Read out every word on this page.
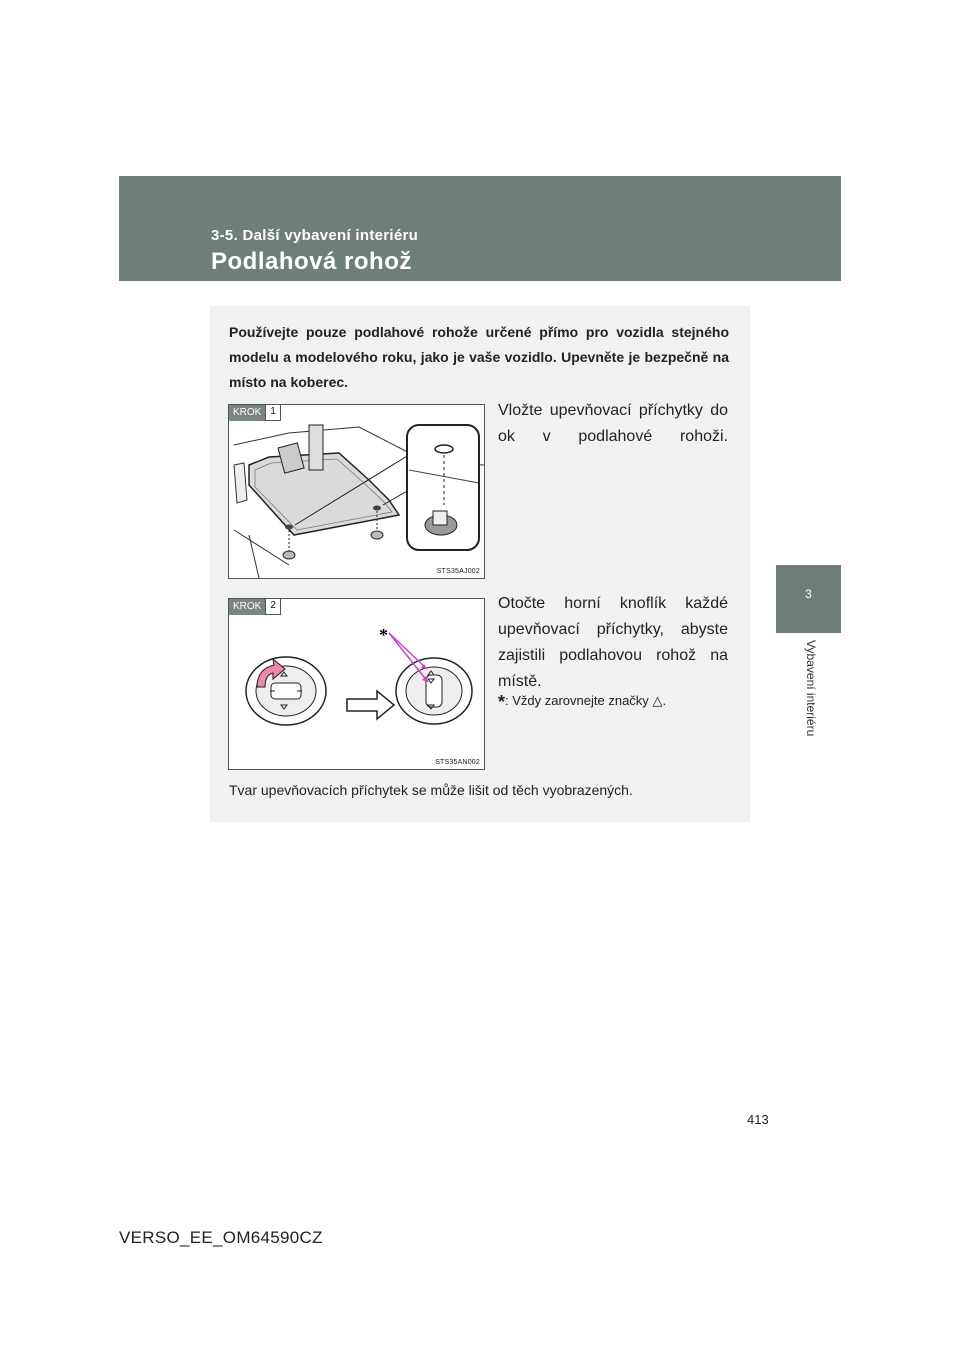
3-5. Další vybavení interiéru
Podlahová rohož
3
Vybavení interiéru
Používejte pouze podlahové rohože určené přímo pro vozidla stejného modelu a modelového roku, jako je vaše vozidlo. Upevněte je bezpečně na místo na koberec.
KROK 1
STS35AJ002
Vložte upevňovací příchytky do ok v podlahové rohoži.
KROK 2
*
STS35AN002
Otočte horní knoflík každé upevňovací příchytky, abyste zajistili podlahovou rohož na místě.
*: Vždy zarovnejte značky △.
Tvar upevňovacích příchytek se může lišit od těch vyobrazených.
413
VERSO_EE_OM64590CZ
